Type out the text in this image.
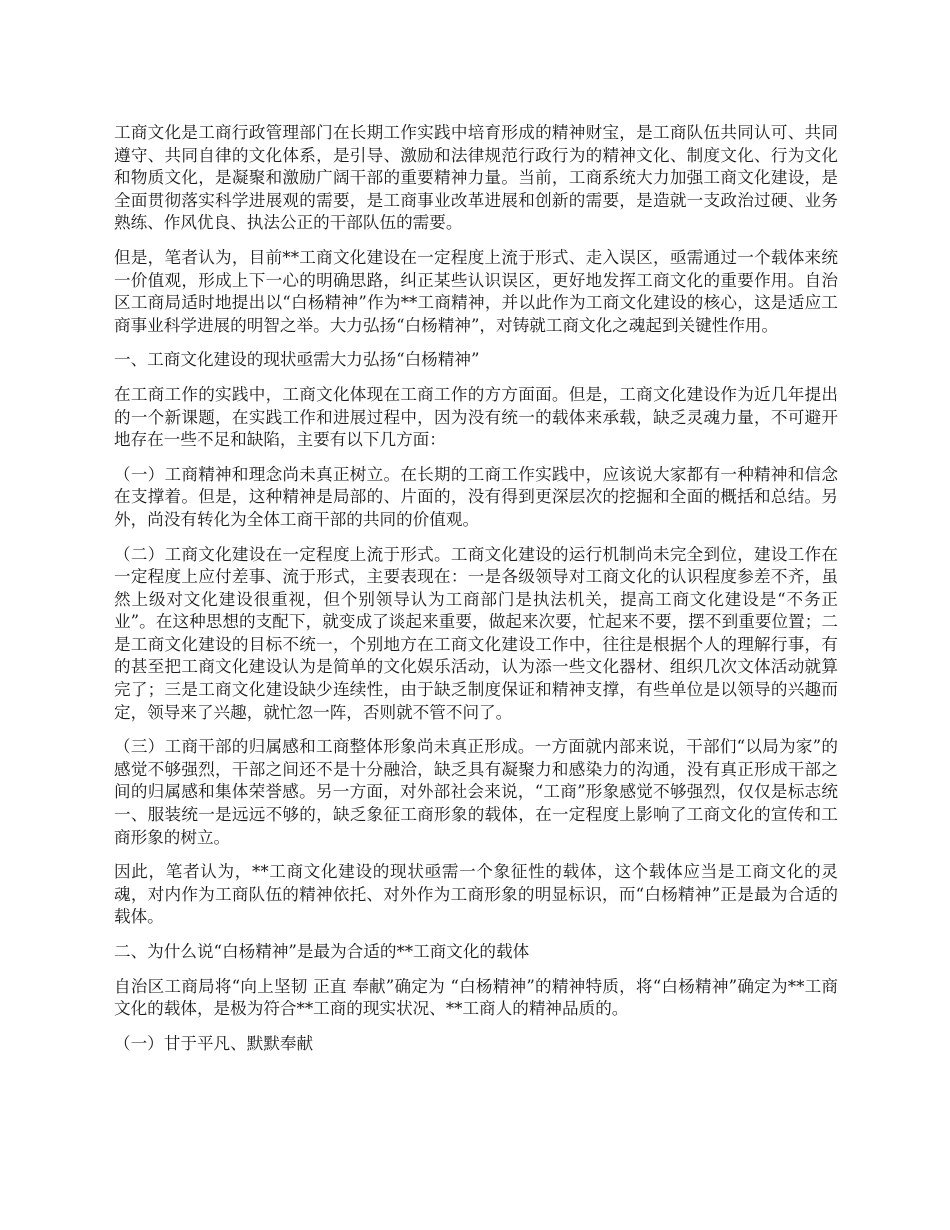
工商文化是工商行政管理部门在长期工作实践中培育形成的精神财宝，是工商队伍共同认可、共同遵守、共同自律的文化体系，是引导、激励和法律规范行政行为的精神文化、制度文化、行为文化和物质文化，是凝聚和激励广阔干部的重要精神力量。当前，工商系统大力加强工商文化建设，是全面贯彻落实科学进展观的需要，是工商事业改革进展和创新的需要，是造就一支政治过硬、业务熟练、作风优良、执法公正的干部队伍的需要。

但是，笔者认为，目前**工商文化建设在一定程度上流于形式、走入误区，亟需通过一个载体来统一价值观，形成上下一心的明确思路，纠正某些认识误区，更好地发挥工商文化的重要作用。自治区工商局适时地提出以“白杨精神”作为**工商精神，并以此作为工商文化建设的核心，这是适应工商事业科学进展的明智之举。大力弘扬“白杨精神”，对铸就工商文化之魂起到关键性作用。

一、工商文化建设的现状亟需大力弘扬“白杨精神”

在工商工作的实践中，工商文化体现在工商工作的方方面面。但是，工商文化建设作为近几年提出的一个新课题，在实践工作和进展过程中，因为没有统一的载体来承载，缺乏灵魂力量，不可避开地存在一些不足和缺陷，主要有以下几方面：

（一）工商精神和理念尚未真正树立。在长期的工商工作实践中，应该说大家都有一种精神和信念在支撑着。但是，这种精神是局部的、片面的，没有得到更深层次的挖掘和全面的概括和总结。另外，尚没有转化为全体工商干部的共同的价值观。

（二）工商文化建设在一定程度上流于形式。工商文化建设的运行机制尚未完全到位，建设工作在一定程度上应付差事、流于形式，主要表现在：一是各级领导对工商文化的认识程度参差不齐，虽然上级对文化建设很重视，但个别领导认为工商部门是执法机关，提高工商文化建设是“不务正业”。在这种思想的支配下，就变成了谈起来重要，做起来次要，忙起来不要，摆不到重要位置；二是工商文化建设的目标不统一，个别地方在工商文化建设工作中，往往是根据个人的理解行事，有的甚至把工商文化建设认为是简单的文化娱乐活动，认为添一些文化器材、组织几次文体活动就算完了；三是工商文化建设缺少连续性，由于缺乏制度保证和精神支撑，有些单位是以领导的兴趣而定，领导来了兴趣，就忙忽一阵，否则就不管不问了。

（三）工商干部的归属感和工商整体形象尚未真正形成。一方面就内部来说，干部们“以局为家”的感觉不够强烈，干部之间还不是十分融洽，缺乏具有凝聚力和感染力的沟通，没有真正形成干部之间的归属感和集体荣誉感。另一方面，对外部社会来说，“工商”形象感觉不够强烈，仅仅是标志统一、服装统一是远远不够的，缺乏象征工商形象的载体，在一定程度上影响了工商文化的宣传和工商形象的树立。

因此，笔者认为，**工商文化建设的现状亟需一个象征性的载体，这个载体应当是工商文化的灵魂，对内作为工商队伍的精神依托、对外作为工商形象的明显标识，而“白杨精神”正是最为合适的载体。

二、为什么说“白杨精神”是最为合适的**工商文化的载体

自治区工商局将“向上坚韧 正直 奉献”确定为 “白杨精神”的精神特质，将“白杨精神”确定为**工商文化的载体，是极为符合**工商的现实状况、**工商人的精神品质的。

（一）甘于平凡、默默奉献
